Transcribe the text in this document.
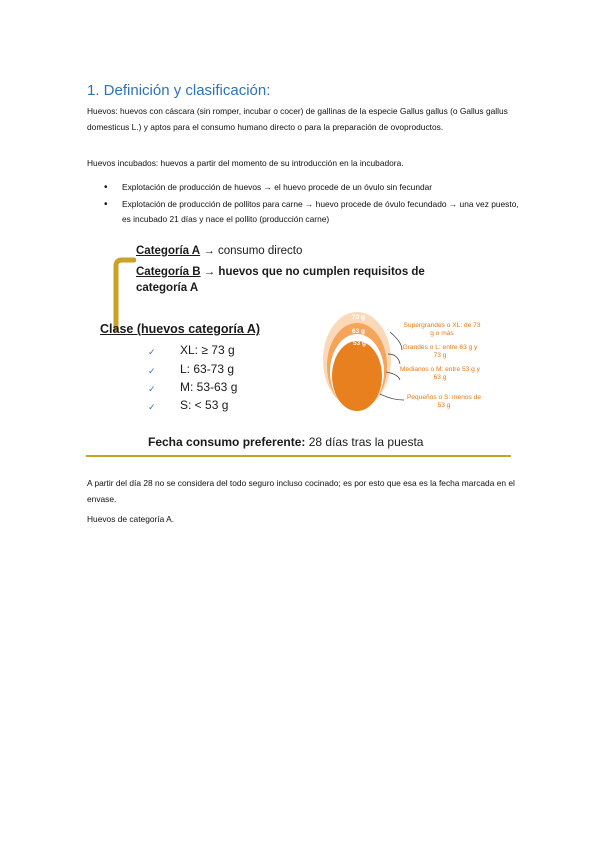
1. Definición y clasificación:
Huevos: huevos con cáscara (sin romper, incubar o cocer) de gallinas de la especie Gallus gallus (o Gallus gallus domesticus L.) y aptos para el consumo humano directo o para la preparación de ovoproductos.
Huevos incubados: huevos a partir del momento de su introducción en la incubadora.
• Explotación de producción de huevos → el huevo procede de un óvulo sin fecundar
• Explotación de producción de pollitos para carne → huevo procede de óvulo fecundado → una vez puesto, es incubado 21 días y nace el pollito (producción carne)
Categoría A → consumo directo
Categoría B → huevos que no cumplen requisitos de categoría A
Clase (huevos categoría A)
✓ XL: ≥ 73 g
✓ L: 63-73 g
✓ M: 53-63 g
✓ S: < 53 g
73 g
63 g
53 g
Supergrandes o XL: de 73 g o más
Grandes o L: entre 63 g y 73 g
Medianos o M: entre 53 g y 63 g
Pequeños o S: menos de 53 g
Fecha consumo preferente: 28 días tras la puesta
A partir del día 28 no se considera del todo seguro incluso cocinado; es por esto que esa es la fecha marcada en el envase.
Huevos de categoría A.
